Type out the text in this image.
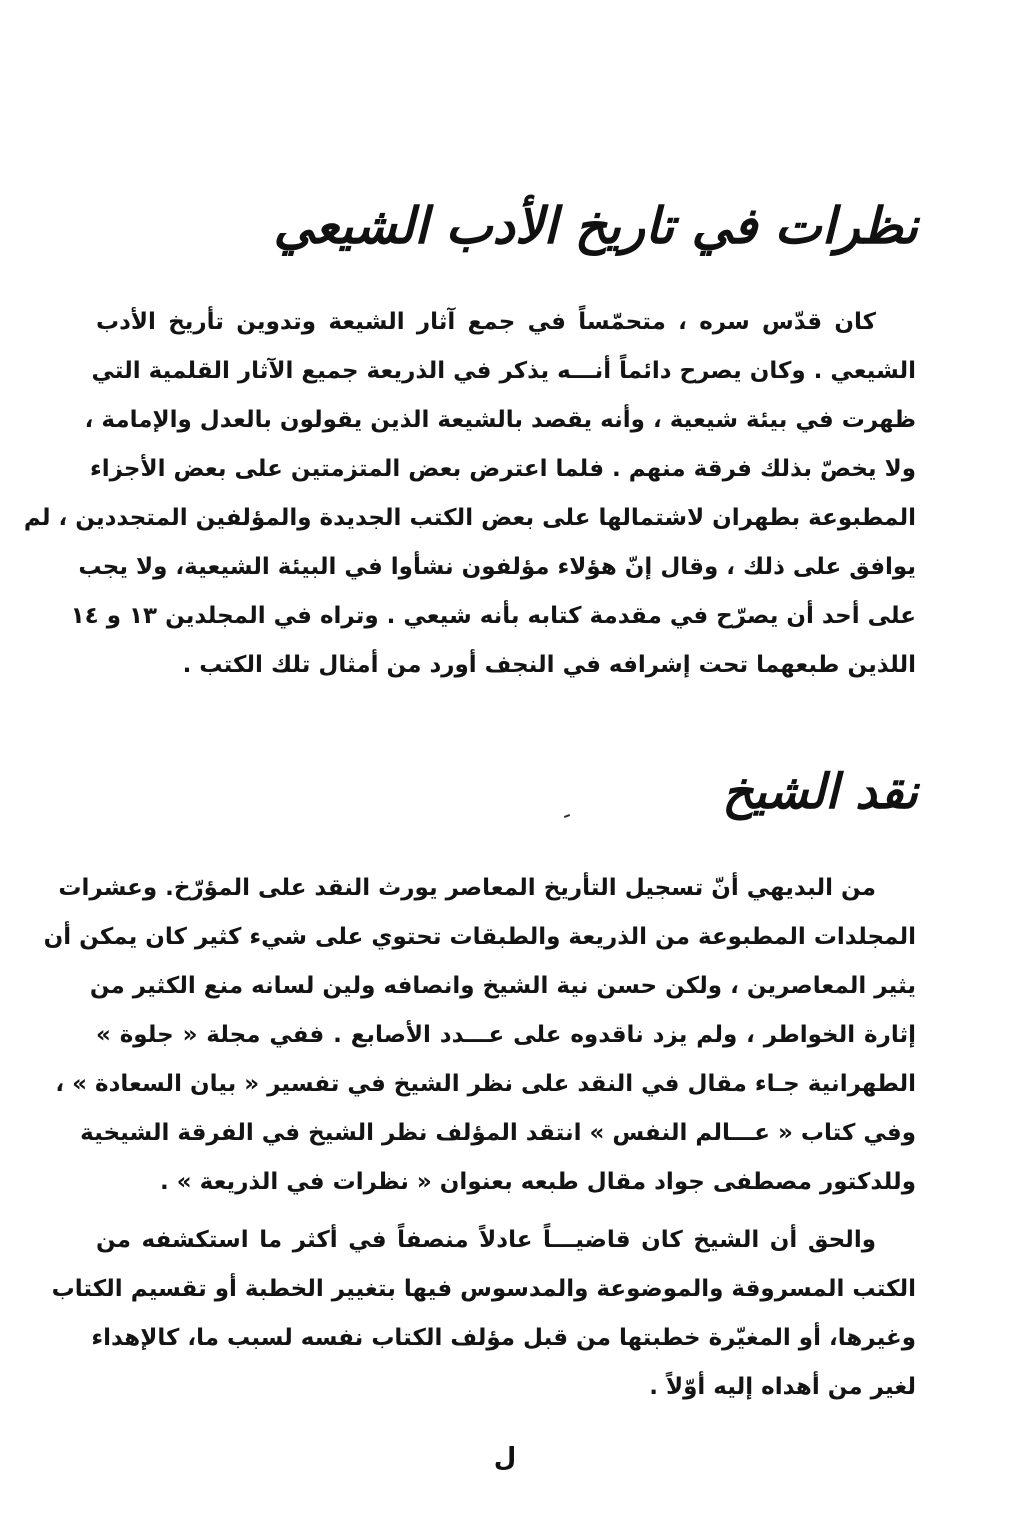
نظرات في تاريخ الأدب الشيعي
كان قدّس سره ، متحمّساً في جمع آثار الشيعة وتدوين تأريخ الأدب
الشيعي . وكان يصرح دائماً أنـــه يذكر في الذريعة جميع الآثار القلمية التي
ظهرت في بيئة شيعية ، وأنه يقصد بالشيعة الذين يقولون بالعدل والإمامة ،
ولا يخصّ بذلك فرقة منهم . فلما اعترض بعض المتزمتين على بعض الأجزاء
المطبوعة بطهران لاشتمالها على بعض الكتب الجديدة والمؤلفين المتجددين ، لم
يوافق على ذلك ، وقال إنّ هؤلاء مؤلفون نشأوا في البيئة الشيعية، ولا يجب
على أحد أن يصرّح في مقدمة كتابه بأنه شيعي . وتراه في المجلدين ١٣ و ١٤
اللذين طبعهما تحت إشرافه في النجف أورد من أمثال تلك الكتب .
نقد الشيخ
من البديهي أنّ تسجيل التأريخ المعاصر يورث النقد على المؤرّخ. وعشرات
المجلدات المطبوعة من الذريعة والطبقات تحتوي على شيء كثير كان يمكن أن
يثير المعاصرين ، ولكن حسن نية الشيخ وانصافه ولين لسانه منع الكثير من
إثارة الخواطر ، ولم يزد ناقدوه على عـــدد الأصابع . ففي مجلة « جلوة »
الطهرانية جـاء مقال في النقد على نظر الشيخ في تفسير « بيان السعادة » ،
وفي كتاب « عـــالم النفس » انتقد المؤلف نظر الشيخ في الفرقة الشيخية
وللدكتور مصطفى جواد مقال طبعه بعنوان « نظرات في الذريعة » .
والحق أن الشيخ كان قاضيـــاً عادلاً منصفاً في أكثر ما استكشفه من
الكتب المسروقة والموضوعة والمدسوس فيها بتغيير الخطبة أو تقسيم الكتاب
وغيرها، أو المغيّرة خطبتها من قبل مؤلف الكتاب نفسه لسبب ما، كالإهداء
لغير من أهداه إليه أوّلاً .
ل
